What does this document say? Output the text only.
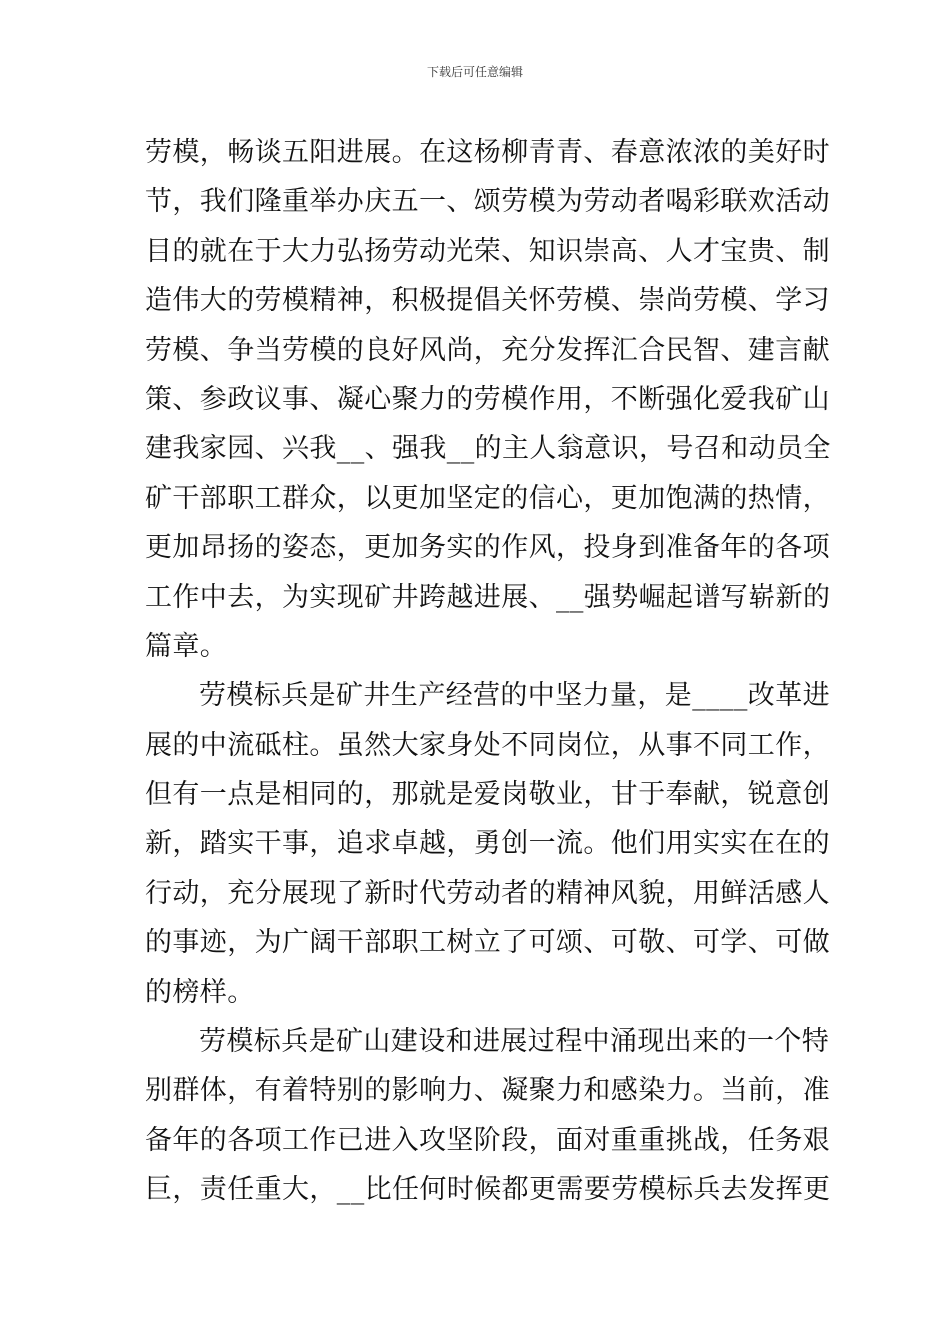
下载后可任意编辑
劳模，畅谈五阳进展。在这杨柳青青、春意浓浓的美好时
节，我们隆重举办庆五一、颂劳模为劳动者喝彩联欢活动
目的就在于大力弘扬劳动光荣、知识崇高、人才宝贵、制
造伟大的劳模精神，积极提倡关怀劳模、崇尚劳模、学习
劳模、争当劳模的良好风尚，充分发挥汇合民智、建言献
策、参政议事、凝心聚力的劳模作用，不断强化爱我矿山
建我家园、兴我__、强我__的主人翁意识，号召和动员全
矿干部职工群众，以更加坚定的信心，更加饱满的热情，
更加昂扬的姿态，更加务实的作风，投身到准备年的各项
工作中去，为实现矿井跨越进展、__强势崛起谱写崭新的
篇章。
劳模标兵是矿井生产经营的中坚力量，是____改革进
展的中流砥柱。虽然大家身处不同岗位，从事不同工作，
但有一点是相同的，那就是爱岗敬业，甘于奉献，锐意创
新，踏实干事，追求卓越，勇创一流。他们用实实在在的
行动，充分展现了新时代劳动者的精神风貌，用鲜活感人
的事迹，为广阔干部职工树立了可颂、可敬、可学、可做
的榜样。
劳模标兵是矿山建设和进展过程中涌现出来的一个特
别群体，有着特别的影响力、凝聚力和感染力。当前，准
备年的各项工作已进入攻坚阶段，面对重重挑战，任务艰
巨，责任重大，__比任何时候都更需要劳模标兵去发挥更
